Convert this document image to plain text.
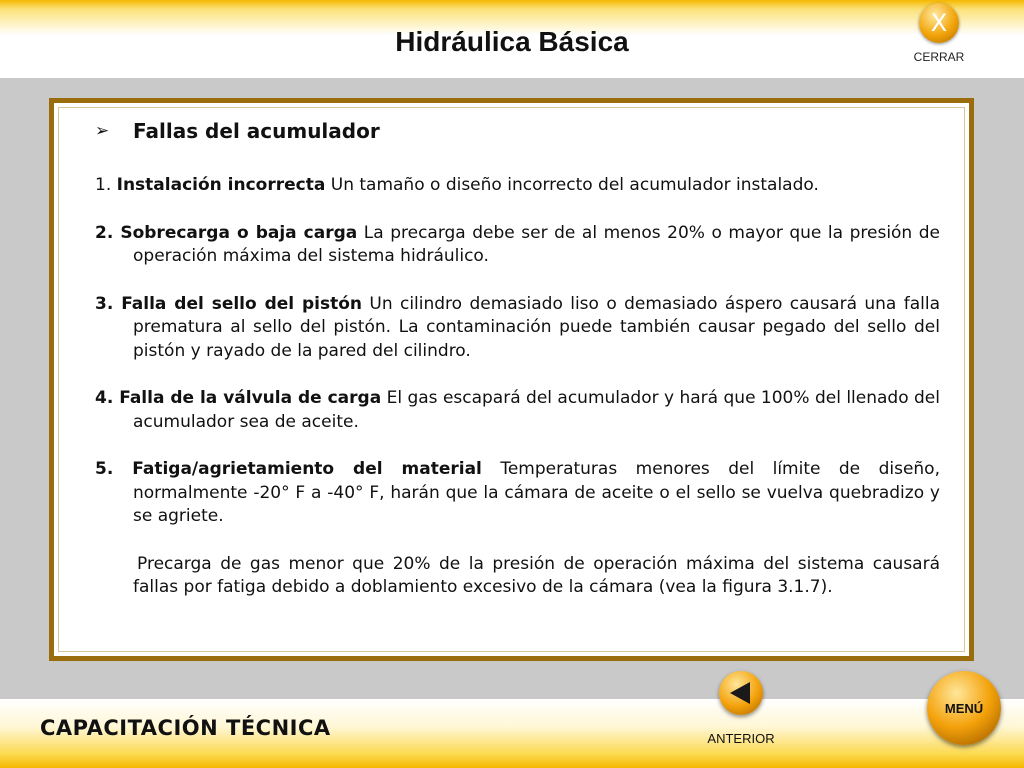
Hidráulica Básica
X
CERRAR
➢	Fallas del acumulador
1. Instalación incorrecta Un tamaño o diseño incorrecto del acumulador instalado.
2. Sobrecarga o baja carga La precarga debe ser de al menos 20% o mayor que la presión de operación máxima del sistema hidráulico.
3. Falla del sello del pistón Un cilindro demasiado liso o demasiado áspero causará una falla prematura al sello del pistón. La contaminación puede también causar pegado del sello del pistón y rayado de la pared del cilindro.
4. Falla de la válvula de carga El gas escapará del acumulador y hará que 100% del llenado del acumulador sea de aceite.
5. Fatiga/agrietamiento del material Temperaturas menores del límite de diseño, normalmente -20° F a -40° F, harán que la cámara de aceite o el sello se vuelva quebradizo y se agriete.
Precarga de gas menor que 20% de la presión de operación máxima del sistema causará fallas por fatiga debido a doblamiento excesivo de la cámara (vea la figura 3.1.7).
CAPACITACIÓN TÉCNICA	ANTERIOR
MENÚ
